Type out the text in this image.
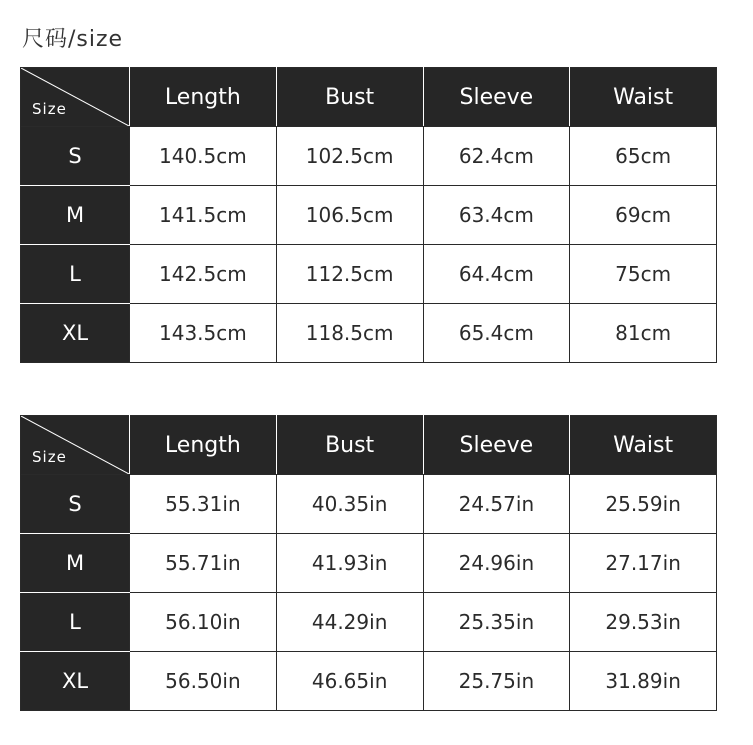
尺码/size
Size	Length	Bust	Sleeve	Waist
S	140.5cm	102.5cm	62.4cm	65cm
M	141.5cm	106.5cm	63.4cm	69cm
L	142.5cm	112.5cm	64.4cm	75cm
XL	143.5cm	118.5cm	65.4cm	81cm
Size	Length	Bust	Sleeve	Waist
S	55.31in	40.35in	24.57in	25.59in
M	55.71in	41.93in	24.96in	27.17in
L	56.10in	44.29in	25.35in	29.53in
XL	56.50in	46.65in	25.75in	31.89in
